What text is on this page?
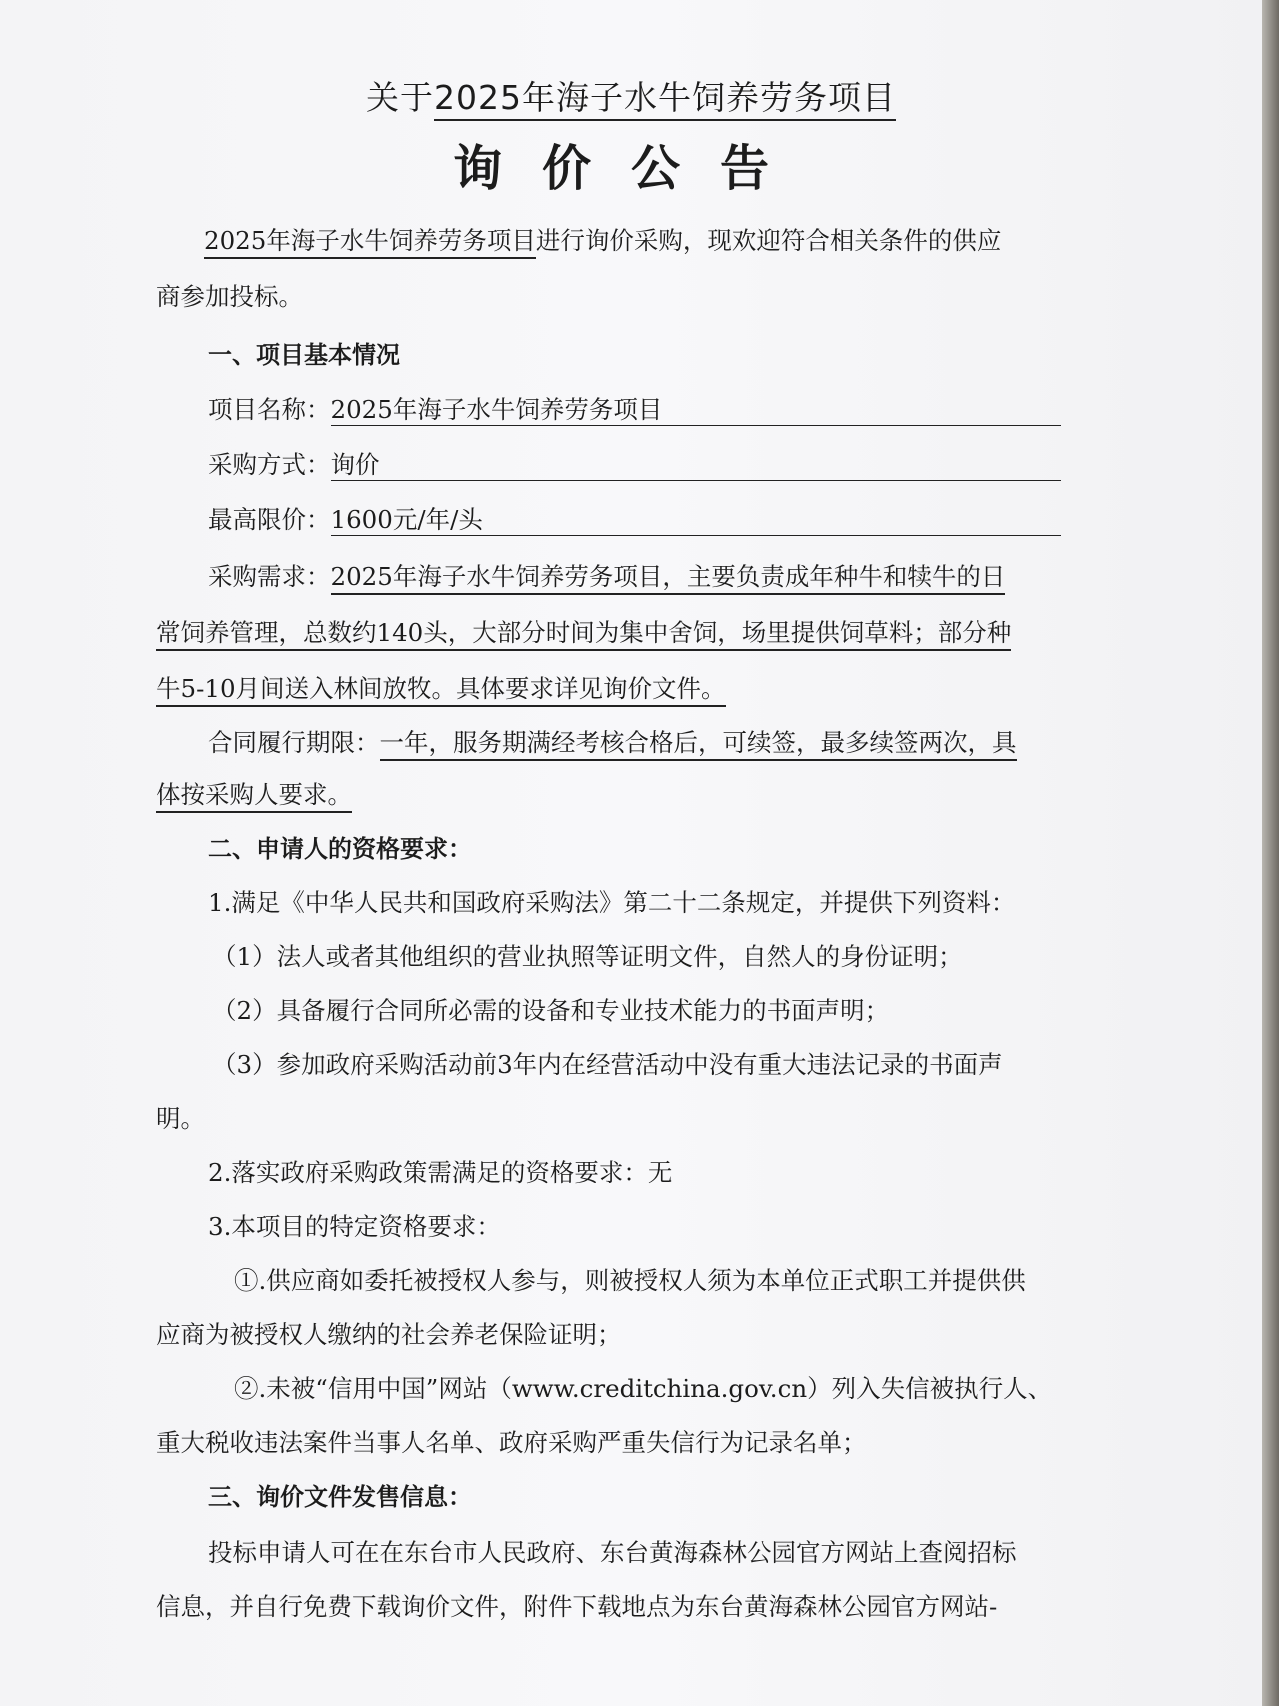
关于2025年海子水牛饲养劳务项目
询价公告
2025年海子水牛饲养劳务项目进行询价采购，现欢迎符合相关条件的供应
商参加投标。
一、项目基本情况
项目名称：2025年海子水牛饲养劳务项目
采购方式：询价
最高限价：1600元/年/头
采购需求：2025年海子水牛饲养劳务项目，主要负责成年种牛和犊牛的日
常饲养管理，总数约140头，大部分时间为集中舍饲，场里提供饲草料；部分种
牛5-10月间送入林间放牧。具体要求详见询价文件。
合同履行期限：一年，服务期满经考核合格后，可续签，最多续签两次，具
体按采购人要求。
二、申请人的资格要求：
1.满足《中华人民共和国政府采购法》第二十二条规定，并提供下列资料：
（1）法人或者其他组织的营业执照等证明文件，自然人的身份证明；
（2）具备履行合同所必需的设备和专业技术能力的书面声明；
（3）参加政府采购活动前3年内在经营活动中没有重大违法记录的书面声
明。
2.落实政府采购政策需满足的资格要求：无
3.本项目的特定资格要求：
①.供应商如委托被授权人参与，则被授权人须为本单位正式职工并提供供
应商为被授权人缴纳的社会养老保险证明；
②.未被“信用中国”网站（www.creditchina.gov.cn）列入失信被执行人、
重大税收违法案件当事人名单、政府采购严重失信行为记录名单；
三、询价文件发售信息：
投标申请人可在在东台市人民政府、东台黄海森林公园官方网站上查阅招标
信息，并自行免费下载询价文件，附件下载地点为东台黄海森林公园官方网站-
